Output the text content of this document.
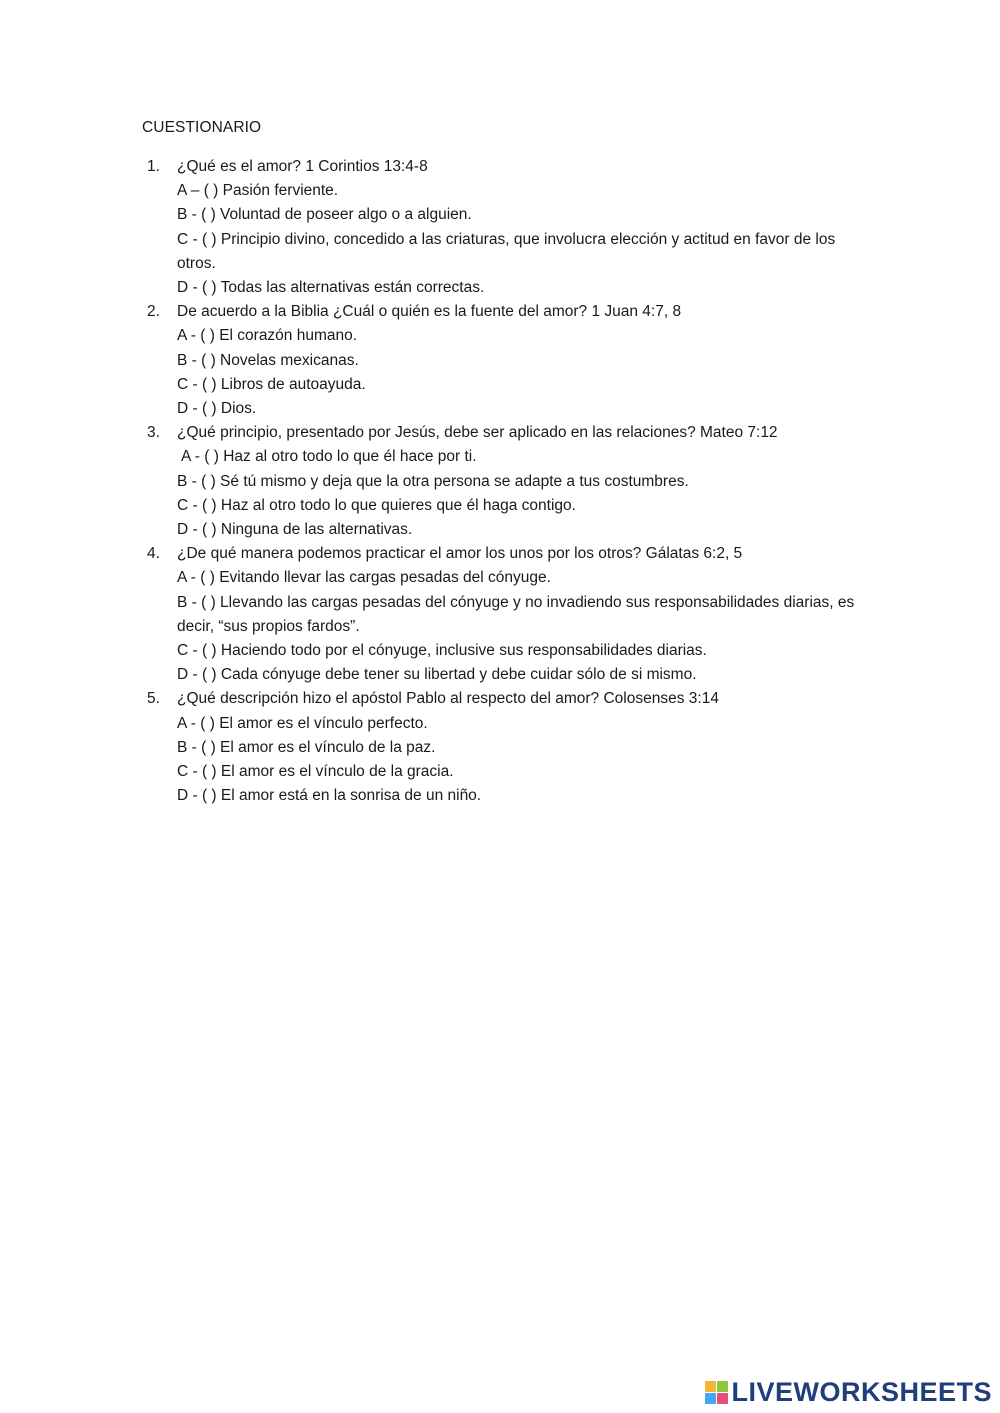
CUESTIONARIO
1. ¿Qué es el amor? 1 Corintios 13:4-8
A – ( ) Pasión ferviente.
B - ( ) Voluntad de poseer algo o a alguien.
C - ( ) Principio divino, concedido a las criaturas, que involucra elección y actitud en favor de los otros.
D - ( ) Todas las alternativas están correctas.
2. De acuerdo a la Biblia ¿Cuál o quién es la fuente del amor? 1 Juan 4:7, 8
A - ( ) El corazón humano.
B - ( ) Novelas mexicanas.
C - ( ) Libros de autoayuda.
D - ( ) Dios.
3. ¿Qué principio, presentado por Jesús, debe ser aplicado en las relaciones? Mateo 7:12
A - ( ) Haz al otro todo lo que él hace por ti.
B - ( ) Sé tú mismo y deja que la otra persona se adapte a tus costumbres.
C - ( ) Haz al otro todo lo que quieres que él haga contigo.
D - ( ) Ninguna de las alternativas.
4. ¿De qué manera podemos practicar el amor los unos por los otros? Gálatas 6:2, 5
A - ( ) Evitando llevar las cargas pesadas del cónyuge.
B - ( ) Llevando las cargas pesadas del cónyuge y no invadiendo sus responsabilidades diarias, es decir, “sus propios fardos”.
C - ( ) Haciendo todo por el cónyuge, inclusive sus responsabilidades diarias.
D - ( ) Cada cónyuge debe tener su libertad y debe cuidar sólo de si mismo.
5. ¿Qué descripción hizo el apóstol Pablo al respecto del amor? Colosenses 3:14
A - ( ) El amor es el vínculo perfecto.
B - ( ) El amor es el vínculo de la paz.
C - ( ) El amor es el vínculo de la gracia.
D - ( ) El amor está en la sonrisa de un niño.
LIVEWORKSHEETS
